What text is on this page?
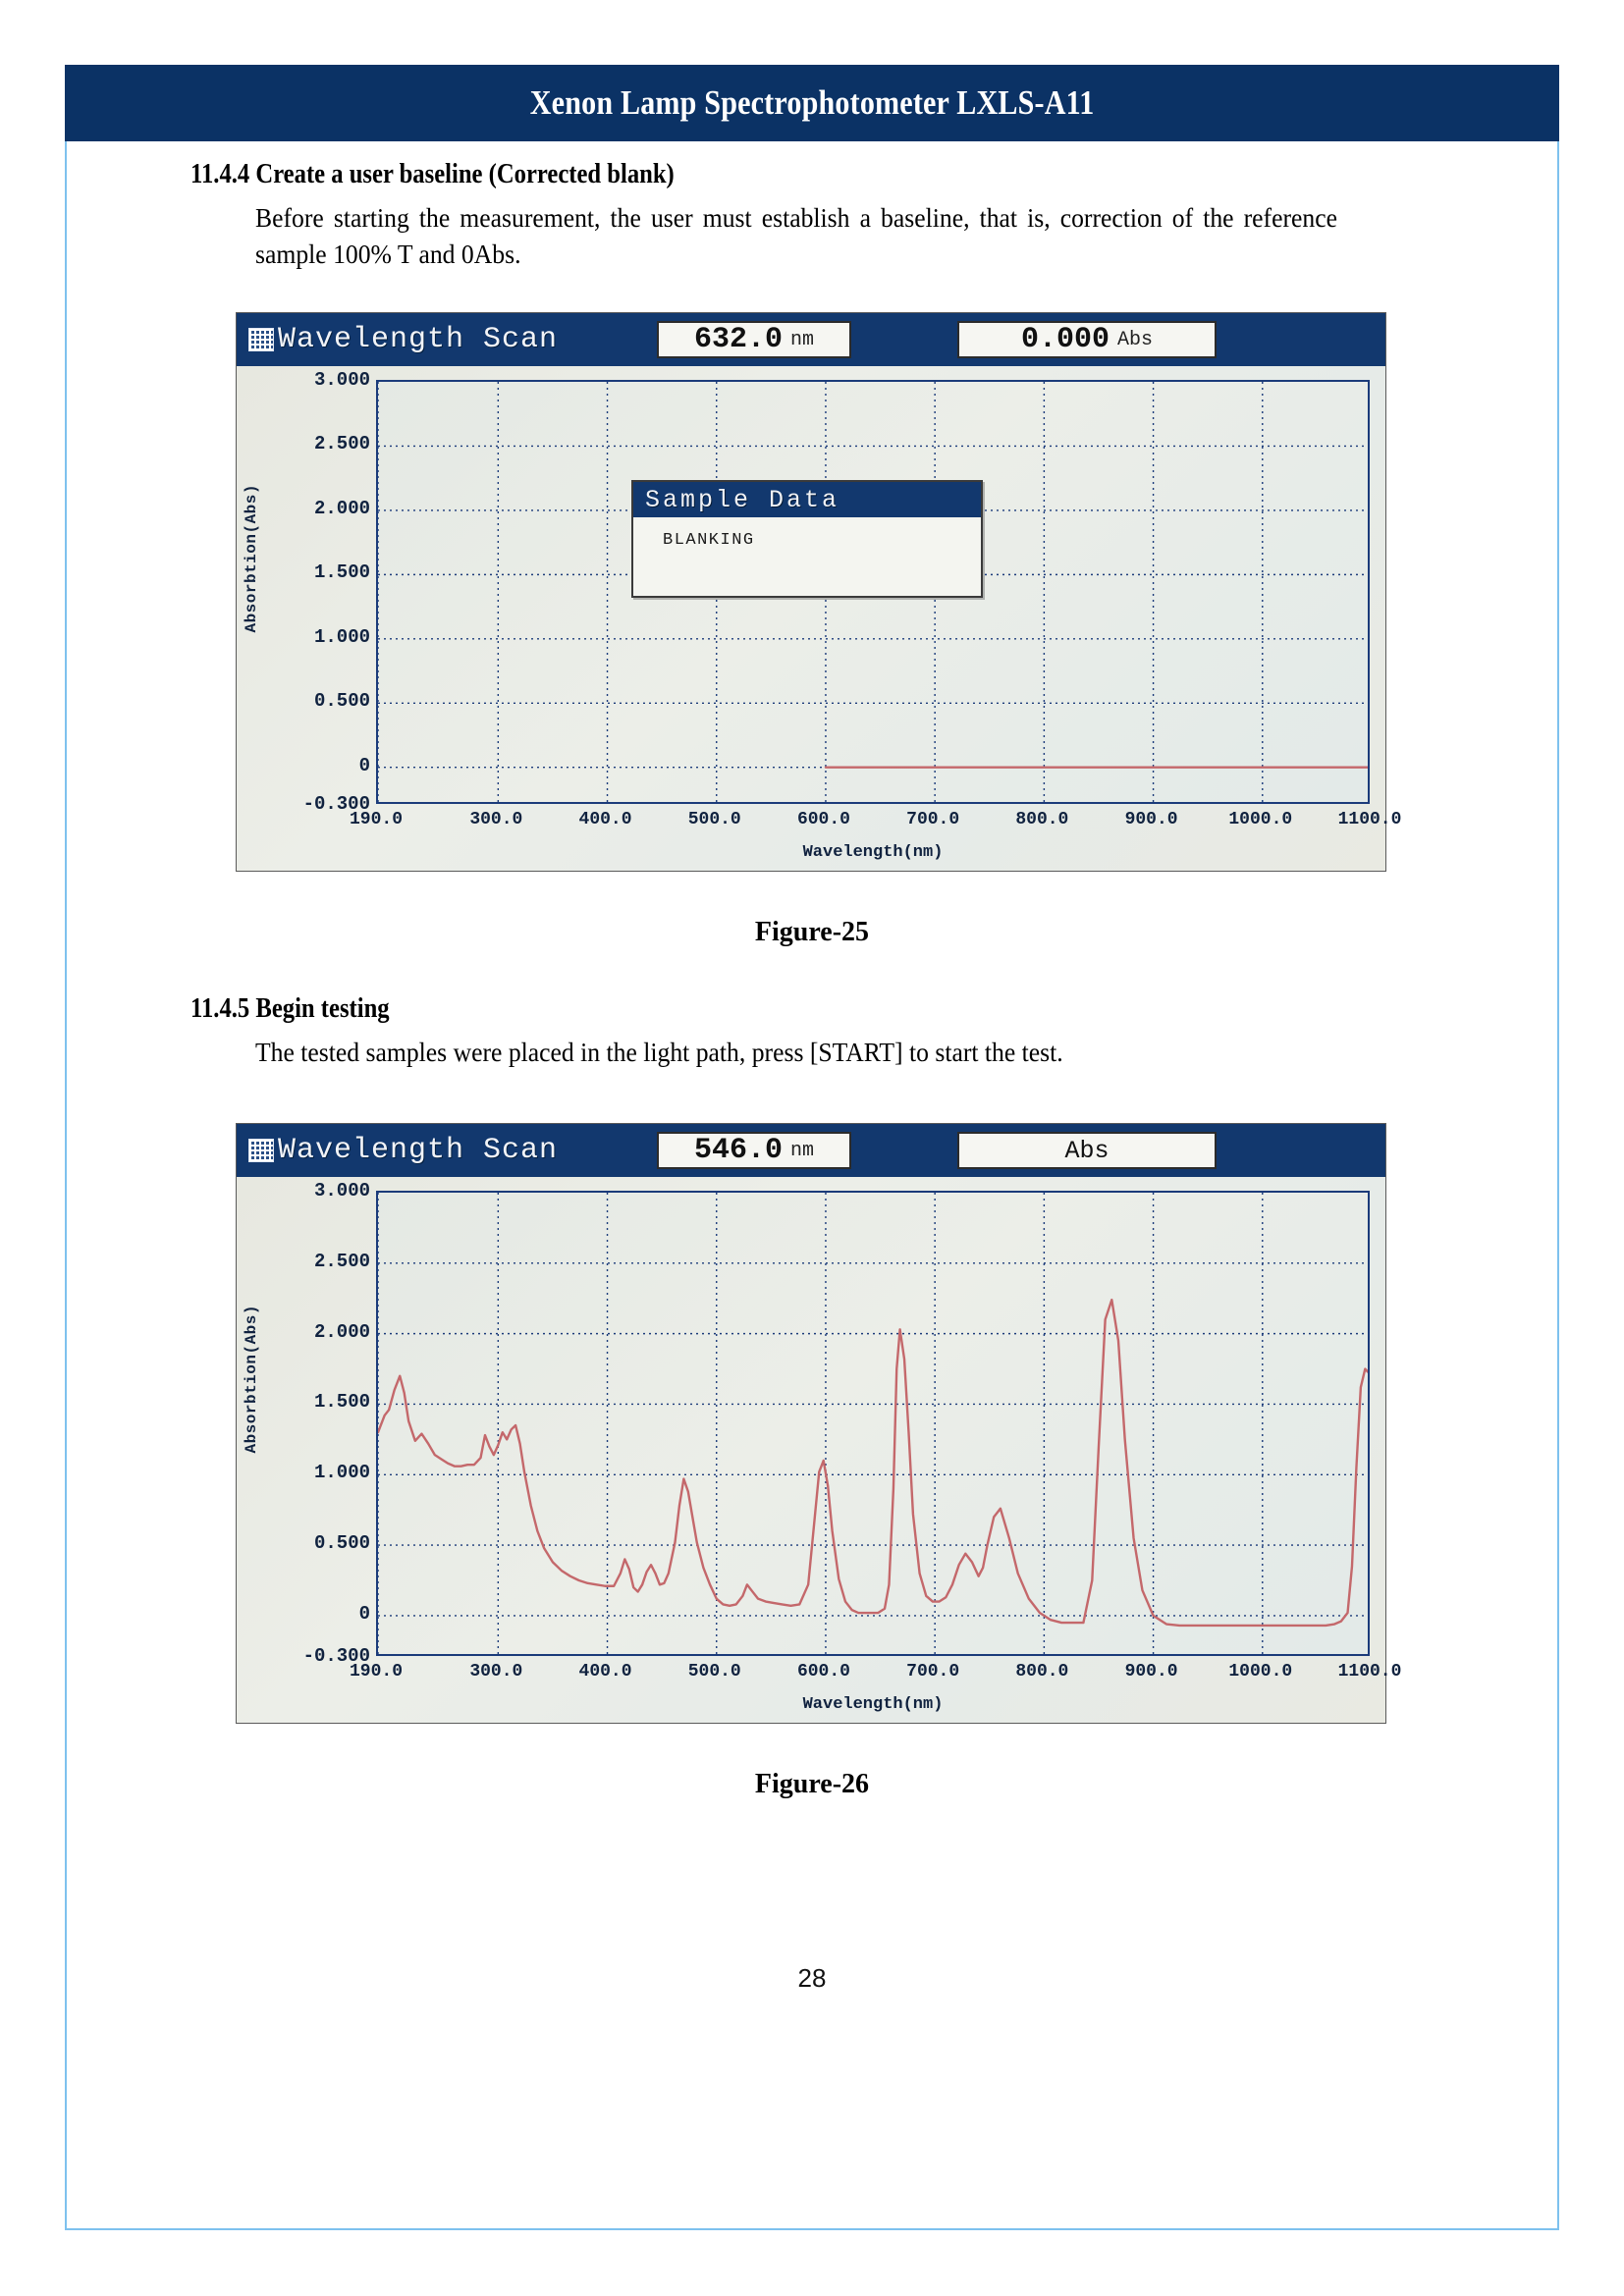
Xenon Lamp Spectrophotometer LXLS-A11
11.4.4 Create a user baseline (Corrected blank)
Before starting the measurement, the user must establish a baseline, that is, correction of the reference sample 100% T and 0Abs.
Wavelength Scan	632.0 nm	0.000 Abs
Absorbtion(Abs)
3.000
2.500
2.000
1.500
1.000
0.500
0
-0.300
190.0	300.0	400.0	500.0	600.0	700.0	800.0	900.0	1000.0	1100.0
Wavelength(nm)
Sample Data
BLANKING
Figure-25
11.4.5 Begin testing
The tested samples were placed in the light path, press [START] to start the test.
Wavelength Scan	546.0 nm	Abs
Absorbtion(Abs)
3.000
2.500
2.000
1.500
1.000
0.500
0
-0.300
190.0	300.0	400.0	500.0	600.0	700.0	800.0	900.0	1000.0	1100.0
Wavelength(nm)
Figure-26
28
